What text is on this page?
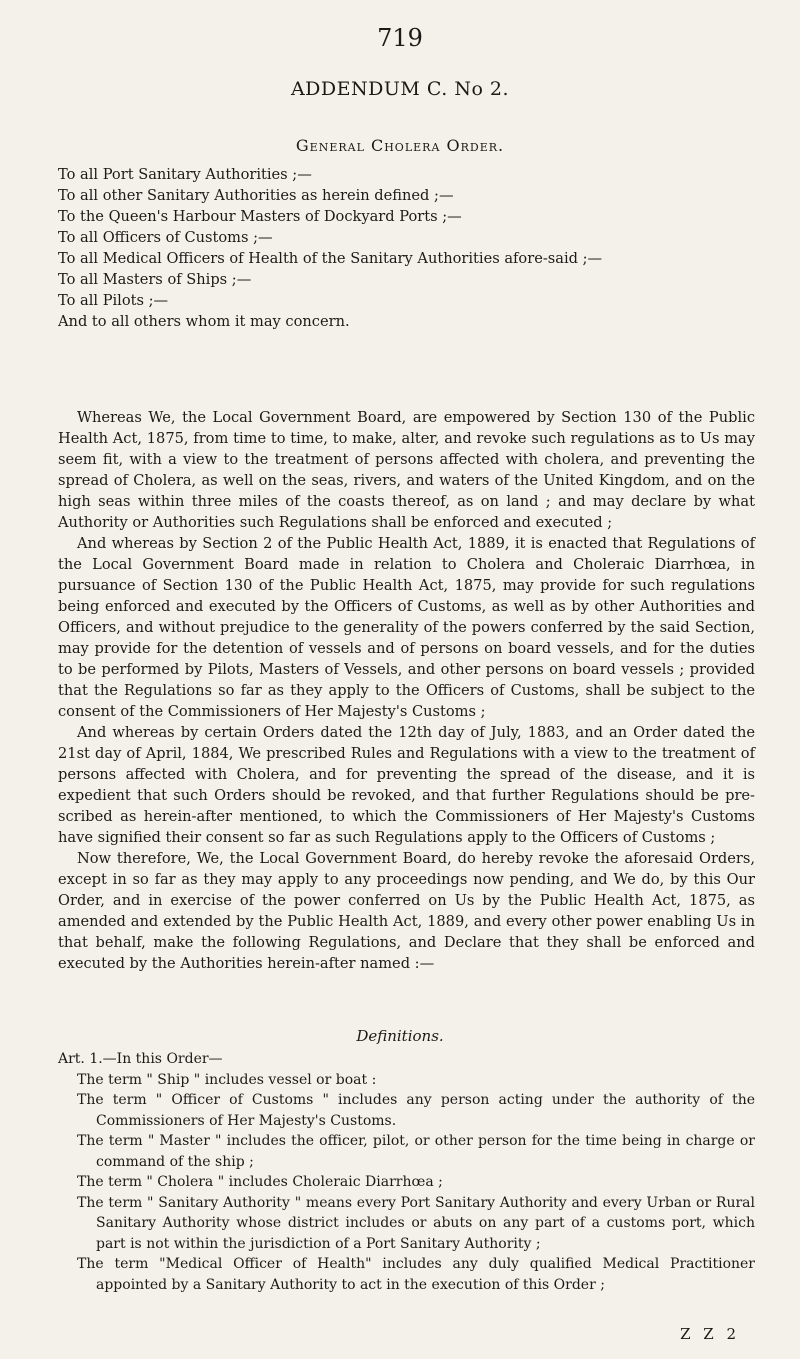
719
ADDENDUM C. No 2.
General Cholera Order.

To all Port Sanitary Authorities ;—

To all other Sanitary Authorities as herein defined ;—

To the Queen's Harbour Masters of Dockyard Ports ;—

To all Officers of Customs ;—

To all Medical Officers of Health of the Sanitary Authorities afore-said ;—

To all Masters of Ships ;—

To all Pilots ;—

And to all others whom it may concern.

Whereas We, the Local Government Board, are empowered by Section 130 of the Public Health Act, 1875, from time to time, to make, alter, and revoke such regulations as to Us may seem fit, with a view to the treatment of persons affected with cholera, and preventing the spread of Cholera, as well on the seas, rivers, and waters of the United Kingdom, and on the high seas within three miles of the coasts thereof, as on land ; and may declare by what Authority or Authorities such Regulations shall be enforced and executed ;

And whereas by Section 2 of the Public Health Act, 1889, it is enacted that Regulations of the Local Government Board made in relation to Cholera and Choleraic Diarrhœa, in pursuance of Section 130 of the Public Health Act, 1875, may provide for such regulations being enforced and executed by the Officers of Customs, as well as by other Authorities and Officers, and without prejudice to the generality of the powers conferred by the said Section, may provide for the detention of vessels and of persons on board vessels, and for the duties to be performed by Pilots, Masters of Vessels, and other persons on board vessels ; provided that the Regulations so far as they apply to the Officers of Customs, shall be subject to the consent of the Commissioners of Her Majesty's Customs ;

And whereas by certain Orders dated the 12th day of July, 1883, and an Order dated the 21st day of April, 1884, We prescribed Rules and Regulations with a view to the treatment of persons affected with Cholera, and for preventing the spread of the disease, and it is expedient that such Orders should be revoked, and that further Regulations should be pre-scribed as herein-after mentioned, to which the Commissioners of Her Majesty's Customs have signified their consent so far as such Regulations apply to the Officers of Customs ;

Now therefore, We, the Local Government Board, do hereby revoke the aforesaid Orders, except in so far as they may apply to any proceedings now pending, and We do, by this Our Order, and in exercise of the power conferred on Us by the Public Health Act, 1875, as amended and extended by the Public Health Act, 1889, and every other power enabling Us in that behalf, make the following Regulations, and Declare that they shall be enforced and executed by the Authorities herein-after named :—

Definitions.

Art. 1.—In this Order—

The term " Ship " includes vessel or boat :

The term " Officer of Customs " includes any person acting under the authority of the Commissioners of Her Majesty's Customs.

The term " Master " includes the officer, pilot, or other person for the time being in charge or command of the ship ;

The term " Cholera " includes Choleraic Diarrhœa ;

The term " Sanitary Authority " means every Port Sanitary Authority and every Urban or Rural Sanitary Authority whose district includes or abuts on any part of a customs port, which part is not within the jurisdiction of a Port Sanitary Authority ;

The term "Medical Officer of Health" includes any duly qualified Medical Practitioner appointed by a Sanitary Authority to act in the execution of this Order ;

Z Z 2
